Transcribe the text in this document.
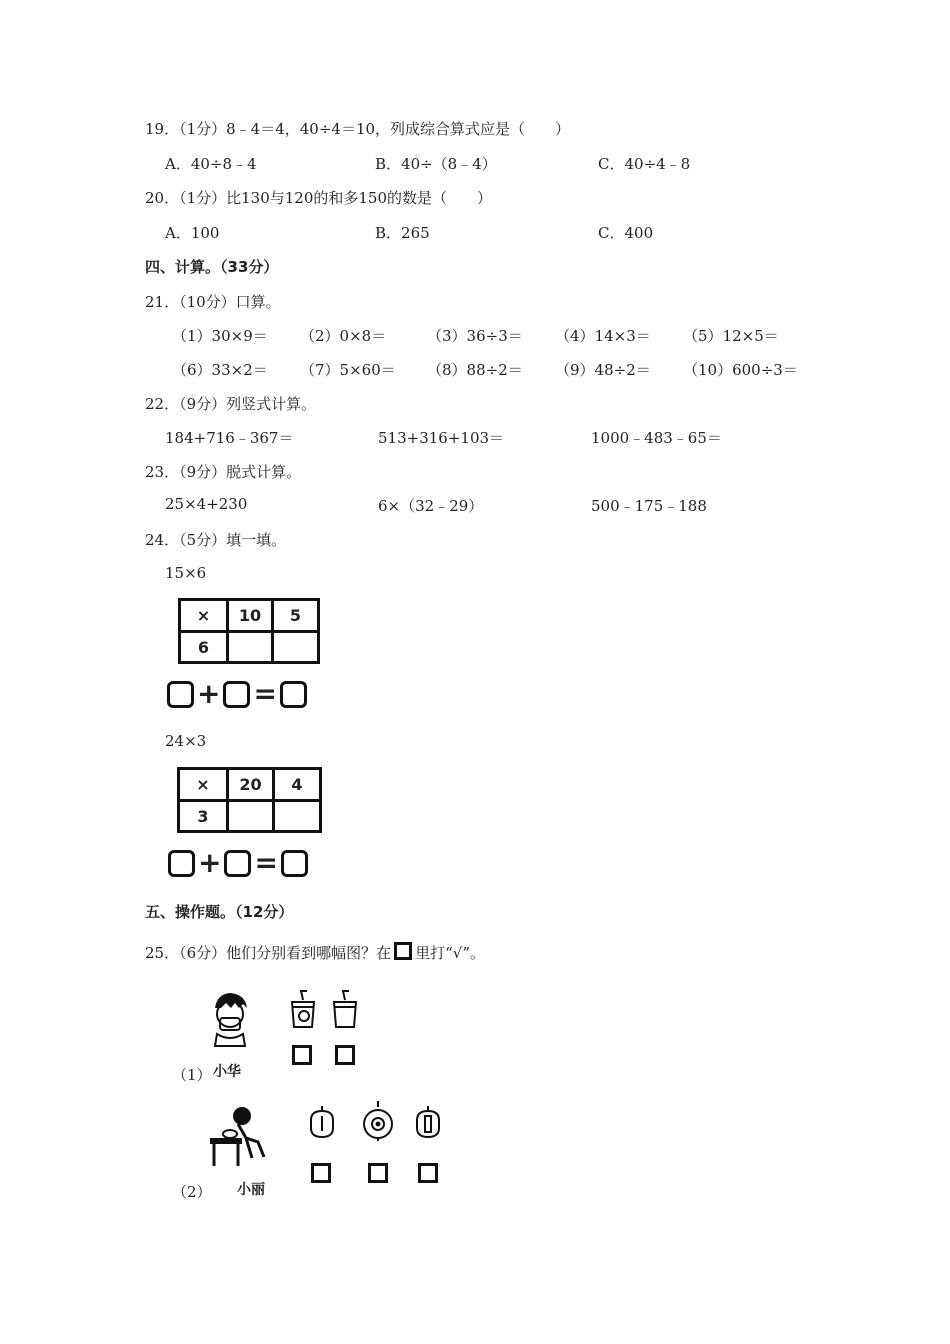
19．（1分）8﹣4＝4，40÷4＝10，列成综合算式应是（　　）
A．40÷8﹣4	B．40÷（8﹣4）	C．40÷4﹣8
20．（1分）比130与120的和多150的数是（　　）
A．100	B．265	C．400
四、计算。（33分）
21．（10分）口算。
（1）30×9＝ （2）0×8＝	（3）36÷3＝ （4）14×3＝ （5）12×5＝
（6）33×2＝ （7）5×60＝ （8）88÷2＝ （9）48÷2＝ （10）600÷3＝
22．（9分）列竖式计算。
184+716﹣367＝	513+316+103＝	1000﹣483﹣65＝
23．（9分）脱式计算。
25×4+230	6×（32﹣29）	500﹣175﹣188
24．（5分）填一填。
15×6
×	10	5
6		
+ =
24×3
×	20	4
3		
+ =
五、操作题。（12分）
25．（6分）他们分别看到哪幅图？在 里打“√”。
（1） 小华
（2） 小丽
